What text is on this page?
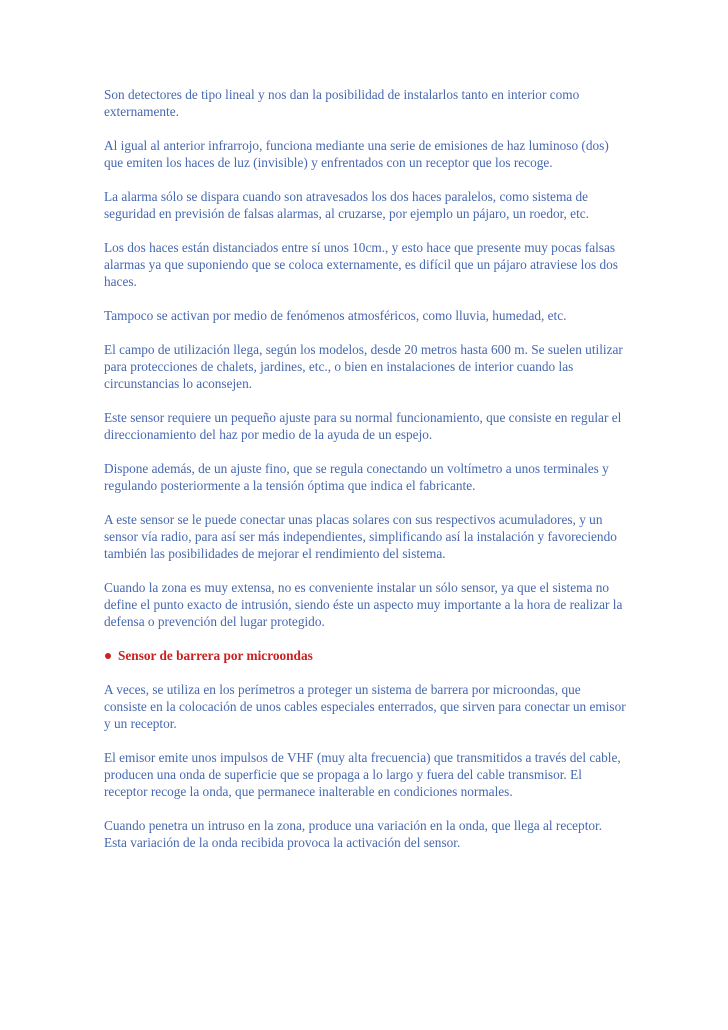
Son detectores de tipo lineal y nos dan la posibilidad de instalarlos tanto en interior como externamente.

Al igual al anterior infrarrojo, funciona mediante una serie de emisiones de haz luminoso (dos) que emiten los haces de luz (invisible) y enfrentados con un receptor que los recoge.

La alarma sólo se dispara cuando son atravesados los dos haces paralelos, como sistema de seguridad en previsión de falsas alarmas, al cruzarse, por ejemplo un pájaro, un roedor, etc.

Los dos haces están distanciados entre sí unos 10cm., y esto hace que presente muy pocas falsas alarmas ya que suponiendo que se coloca externamente, es difícil que un pájaro atraviese los dos haces.

Tampoco se activan por medio de fenómenos atmosféricos, como lluvia, humedad, etc.

El campo de utilización llega, según los modelos, desde 20 metros hasta 600 m. Se suelen utilizar para protecciones de chalets, jardines, etc., o bien en instalaciones de interior cuando las circunstancias lo aconsejen.

Este sensor requiere un pequeño ajuste para su normal funcionamiento, que consiste en regular el direccionamiento del haz por medio de la ayuda de un espejo.

Dispone además, de un ajuste fino, que se regula conectando un voltímetro a unos terminales y regulando posteriormente a la tensión óptima que indica el fabricante.

A este sensor se le puede conectar unas placas solares con sus respectivos acumuladores, y un sensor vía radio, para así ser más independientes, simplificando así la instalación y favoreciendo también las posibilidades de mejorar el rendimiento del sistema.

Cuando la zona es muy extensa, no es conveniente instalar un sólo sensor, ya que el sistema no define el punto exacto de intrusión, siendo éste un aspecto muy importante a la hora de realizar la defensa o prevención del lugar protegido.

Sensor de barrera por microondas

A veces, se utiliza en los perímetros a proteger un sistema de barrera por microondas, que consiste en la colocación de unos cables especiales enterrados, que sirven para conectar un emisor y un receptor.

El emisor emite unos impulsos de VHF (muy alta frecuencia) que transmitidos a través del cable, producen una onda de superficie que se propaga a lo largo y fuera del cable transmisor. El receptor recoge la onda, que permanece inalterable en condiciones normales.

Cuando penetra un intruso en la zona, produce una variación en la onda, que llega al receptor. Esta variación de la onda recibida provoca la activación del sensor.
